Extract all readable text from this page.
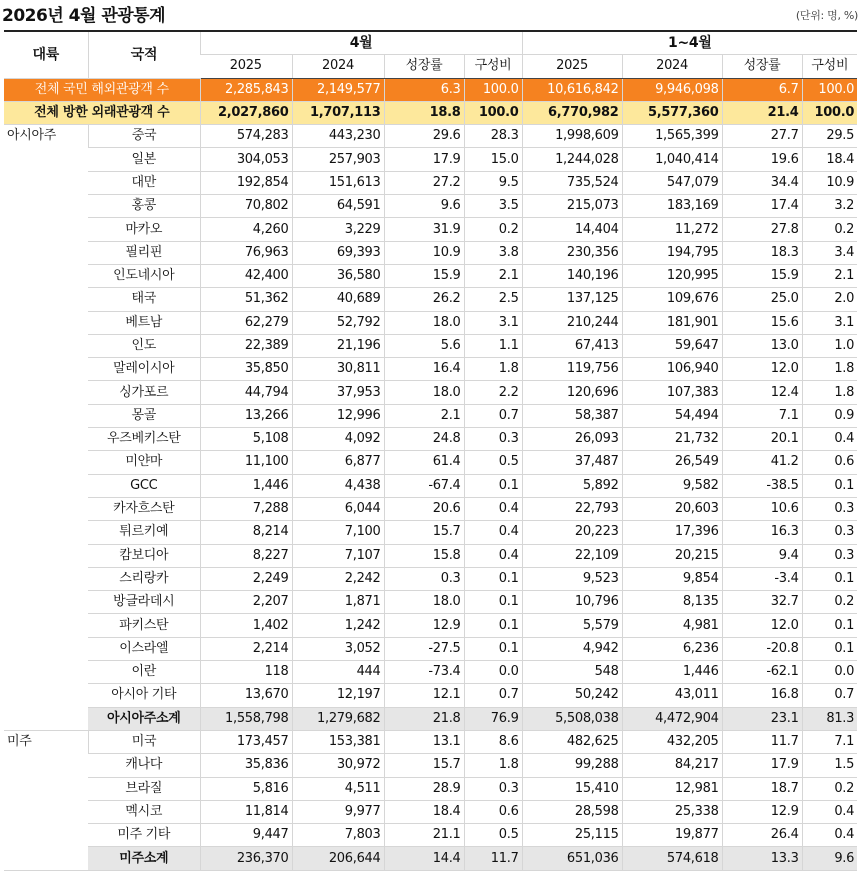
2026년 4월 관광통계	(단위: 명, %)
대륙	국적	4월				1~4월			
		2025	2024	성장률	구성비	2025	2024	성장률	구성비
전체 국민 해외관광객 수		2,285,843	2,149,577	6.3	100.0	10,616,842	9,946,098	6.7	100.0
전체 방한 외래관광객 수		2,027,860	1,707,113	18.8	100.0	6,770,982	5,577,360	21.4	100.0
아시아주	중국	574,283	443,230	29.6	28.3	1,998,609	1,565,399	27.7	29.5
	일본	304,053	257,903	17.9	15.0	1,244,028	1,040,414	19.6	18.4
	대만	192,854	151,613	27.2	9.5	735,524	547,079	34.4	10.9
	홍콩	70,802	64,591	9.6	3.5	215,073	183,169	17.4	3.2
	마카오	4,260	3,229	31.9	0.2	14,404	11,272	27.8	0.2
	필리핀	76,963	69,393	10.9	3.8	230,356	194,795	18.3	3.4
	인도네시아	42,400	36,580	15.9	2.1	140,196	120,995	15.9	2.1
	태국	51,362	40,689	26.2	2.5	137,125	109,676	25.0	2.0
	베트남	62,279	52,792	18.0	3.1	210,244	181,901	15.6	3.1
	인도	22,389	21,196	5.6	1.1	67,413	59,647	13.0	1.0
	말레이시아	35,850	30,811	16.4	1.8	119,756	106,940	12.0	1.8
	싱가포르	44,794	37,953	18.0	2.2	120,696	107,383	12.4	1.8
	몽골	13,266	12,996	2.1	0.7	58,387	54,494	7.1	0.9
	우즈베키스탄	5,108	4,092	24.8	0.3	26,093	21,732	20.1	0.4
	미얀마	11,100	6,877	61.4	0.5	37,487	26,549	41.2	0.6
	GCC	1,446	4,438	-67.4	0.1	5,892	9,582	-38.5	0.1
	카자흐스탄	7,288	6,044	20.6	0.4	22,793	20,603	10.6	0.3
	튀르키예	8,214	7,100	15.7	0.4	20,223	17,396	16.3	0.3
	캄보디아	8,227	7,107	15.8	0.4	22,109	20,215	9.4	0.3
	스리랑카	2,249	2,242	0.3	0.1	9,523	9,854	-3.4	0.1
	방글라데시	2,207	1,871	18.0	0.1	10,796	8,135	32.7	0.2
	파키스탄	1,402	1,242	12.9	0.1	5,579	4,981	12.0	0.1
	이스라엘	2,214	3,052	-27.5	0.1	4,942	6,236	-20.8	0.1
	이란	118	444	-73.4	0.0	548	1,446	-62.1	0.0
	아시아 기타	13,670	12,197	12.1	0.7	50,242	43,011	16.8	0.7
	아시아주소계	1,558,798	1,279,682	21.8	76.9	5,508,038	4,472,904	23.1	81.3
미주	미국	173,457	153,381	13.1	8.6	482,625	432,205	11.7	7.1
	캐나다	35,836	30,972	15.7	1.8	99,288	84,217	17.9	1.5
	브라질	5,816	4,511	28.9	0.3	15,410	12,981	18.7	0.2
	멕시코	11,814	9,977	18.4	0.6	28,598	25,338	12.9	0.4
	미주 기타	9,447	7,803	21.1	0.5	25,115	19,877	26.4	0.4
	미주소계	236,370	206,644	14.4	11.7	651,036	574,618	13.3	9.6
